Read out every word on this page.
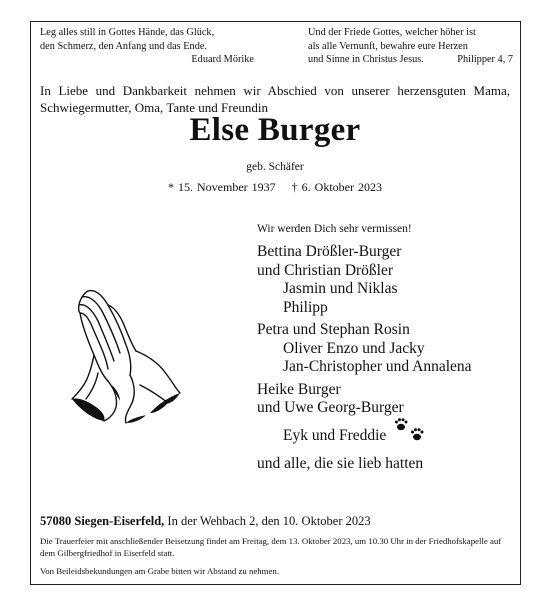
Leg alles still in Gottes Hände, das Glück,
den Schmerz, den Anfang und das Ende.
Eduard Mörike
Und der Friede Gottes, welcher höher ist
als alle Vernunft, bewahre eure Herzen
und Sinne in Christus Jesus.	Philipper 4, 7
In Liebe und Dankbarkeit nehmen wir Abschied von unserer herzensguten Mama,
Schwiegermutter, Oma, Tante und Freundin
Else Burger
geb. Schäfer
* 15. November 1937 † 6. Oktober 2023
Wir werden Dich sehr vermissen!
Bettina Drößler-Burger
und Christian Drößler
Jasmin und Niklas
Philipp
Petra und Stephan Rosin
Oliver Enzo und Jacky
Jan-Christopher und Annalena
Heike Burger
und Uwe Georg-Burger
Eyk und Freddie
und alle, die sie lieb hatten
57080 Siegen-Eiserfeld, In der Wehbach 2, den 10. Oktober 2023
Die Trauerfeier mit anschließender Beisetzung findet am Freitag, dem 13. Oktober 2023, um 10.30 Uhr in der Friedhofskapelle auf dem Gilbergfriedhof in Eiserfeld statt.
Von Beileidsbekundungen am Grabe bitten wir Abstand zu nehmen.
